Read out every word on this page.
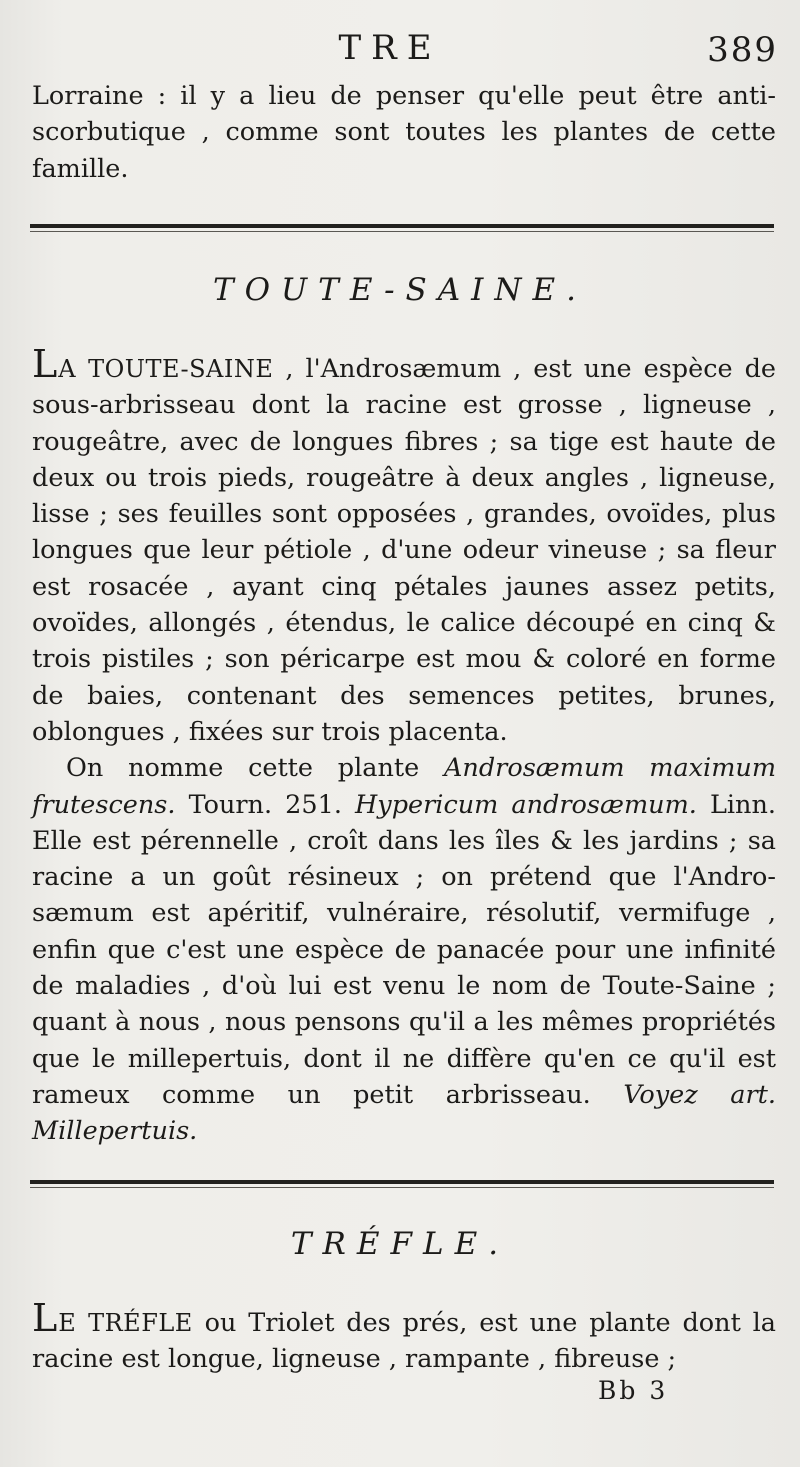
TRE	389

Lorraine : il y a lieu de penser qu'elle peut être antiscorbutique , comme sont toutes les plantes de cette famille.

TOUTE-SAINE.

LA TOUTE-SAINE , l'Androsæmum , est une espèce de sous-arbrisseau dont la racine est grosse , ligneuse , rougeâtre, avec de longues fibres ; sa tige est haute de deux ou trois pieds, rougeâtre à deux angles , ligneuse, lisse ; ses feuilles sont opposées , grandes, ovoïdes, plus longues que leur pétiole , d'une odeur vineuse ; sa fleur est rosacée , ayant cinq pétales jaunes assez petits, ovoïdes, allongés , étendus, le calice découpé en cinq & trois pistiles ; son péricarpe est mou & coloré en forme de baies, contenant des semences petites, brunes, oblongues , fixées sur trois placenta.

On nomme cette plante Androsæmum maximum frutescens. Tourn. 251. Hypericum androsæmum. Linn. Elle est pérennelle , croît dans les îles & les jardins ; sa racine a un goût résineux ; on prétend que l'Androsæmum est apéritif, vulnéraire, résolutif, vermifuge , enfin que c'est une espèce de panacée pour une infinité de maladies , d'où lui est venu le nom de Toute-Saine ; quant à nous , nous pensons qu'il a les mêmes propriétés que le millepertuis, dont il ne diffère qu'en ce qu'il est rameux comme un petit arbrisseau. Voyez art. Millepertuis.

TRÉFLE.

LE TRÉFLE ou Triolet des prés, est une plante dont la racine est longue, ligneuse , rampante , fibreuse ;

Bb 3
